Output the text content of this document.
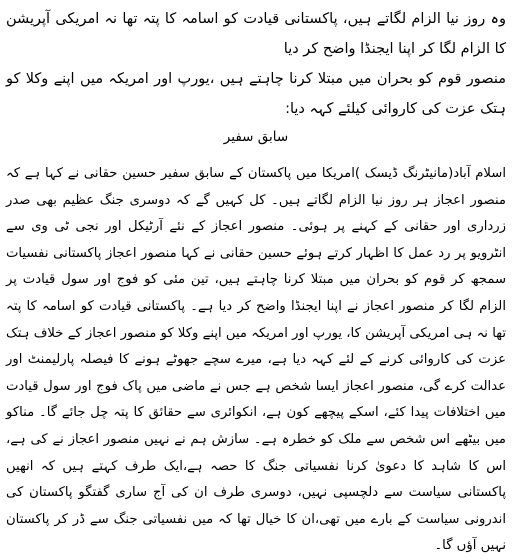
وہ روز نیا الزام لگاتے ہیں، پاکستانی قیادت کو اسامہ کا پتہ تھا نہ امریکی آپریشن کا الزام لگا کر اپنا ایجنڈا واضح کر دیا
منصور قوم کو بحران میں مبتلا کرنا چاہتے ہیں ،یورپ اور امریکہ میں اپنے وکلا کو ہتک عزت کی کاروائی کیلئے کہہ دیا:
سابق سفیر

اسلام آباد(مانیٹرنگ ڈیسک )امریکا میں پاکستان کے سابق سفیر حسین حقانی نے کہا ہے کہ منصور اعجاز ہر روز نیا الزام لگاتے ہیں۔ کل کہیں گے کہ دوسری جنگ عظیم بھی صدر زرداری اور حقانی کے کہنے پر ہوئی۔ منصور اعجاز کے نئے آرٹیکل اور نجی ٹی وی سے انٹرویو پر رد عمل کا اظہار کرتے ہوئے حسین حقانی نے کہا منصور اعجاز پاکستانی نفسیات سمجھ کر قوم کو بحران میں مبتلا کرنا چاہتے ہیں، تین مئی کو فوج اور سول قیادت پر الزام لگا کر منصور اعجاز نے اپنا ایجنڈا واضح کر دیا ہے۔ پاکستانی قیادت کو اسامہ کا پتہ تھا نہ ہی امریکی آپریشن کا، یورپ اور امریکہ میں اپنے وکلا کو منصور اعجاز کے خلاف ہتک عزت کی کاروائی کرنے کے لئے کہہ دیا ہے، میرے سچے جھوٹے ہونے کا فیصلہ پارلیمنٹ اور عدالت کرے گی، منصور اعجاز ایسا شخص ہے جس نے ماضی میں پاک فوج اور سول قیادت میں اختلافات پیدا کئے، اسکے پیچھے کون ہے، انکوائری سے حقائق کا پتہ چل جائے گا۔ مناکو میں بیٹھے اس شخص سے ملک کو خطرہ ہے۔ سازش ہم نے نہیں منصور اعجاز نے کی ہے، اس کا شاہد کا دعویٰ کرنا نفسیاتی جنگ کا حصہ ہے،ایک طرف کہتے ہیں کہ انھیں پاکستانی سیاست سے دلچسپی نہیں، دوسری طرف ان کی آج ساری گفتگو پاکستان کی اندرونی سیاست کے بارے میں تھی،ان کا خیال تھا کہ میں نفسیاتی جنگ سے ڈر کر پاکستان نہیں آؤں گا۔
